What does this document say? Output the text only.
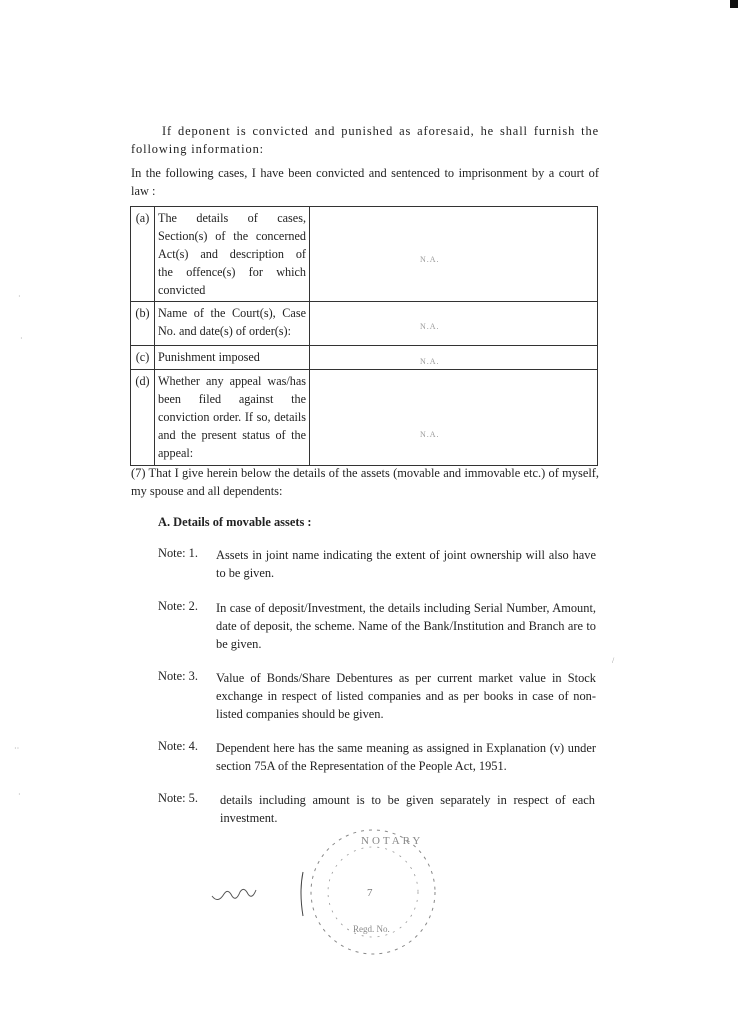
If deponent is convicted and punished as aforesaid, he shall furnish the following information:
In the following cases, I have been convicted and sentenced to imprisonment by a court of law :
(a)	The details of cases, Section(s) of the concerned Act(s) and description of the offence(s) for which convicted	N.A.

(b)	Name of the Court(s), Case No. and date(s) of order(s):	N.A.

(c)	Punishment imposed	N.A.

(d)	Whether any appeal was/has been filed against the conviction order. If so, details and the present status of the appeal:	N.A.
(7) That I give herein below the details of the assets (movable and immovable etc.) of myself, my spouse and all dependents:
A. Details of movable assets :
Note: 1. Assets in joint name indicating the extent of joint ownership will also have to be given.
Note: 2. In case of deposit/Investment, the details including Serial Number, Amount, date of deposit, the scheme. Name of the Bank/Institution and Branch are to be given.
Note: 3. Value of Bonds/Share Debentures as per current market value in Stock exchange in respect of listed companies and as per books in case of non-listed companies should be given.
Note: 4. Dependent here has the same meaning as assigned in Explanation (v) under section 75A of the Representation of the People Act, 1951.
Note: 5. details including amount is to be given separately in respect of each investment.
·
·
··
·
/
NOTARY
7
Regd. No.
